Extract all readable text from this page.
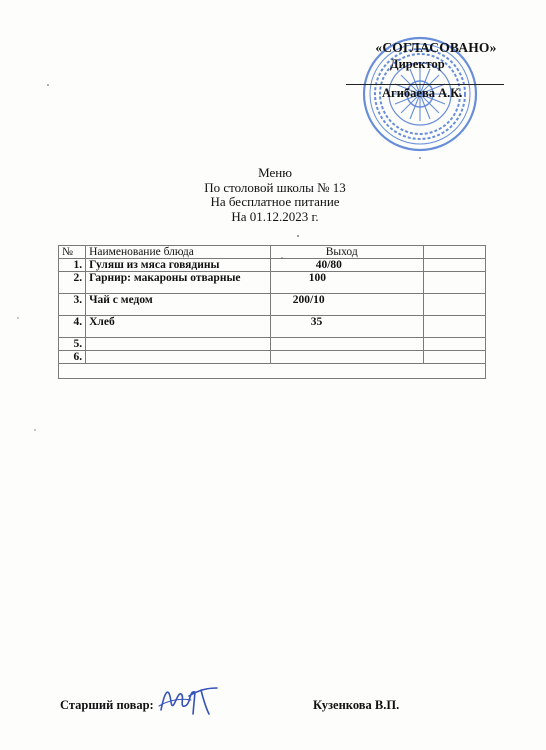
«СОГЛАСОВАНО»
Директор
Агибаева А.К.
Меню
По столовой школы № 13
На бесплатное питание
На 01.12.2023 г.
№	Наименование блюда	Выход	
1.	Гуляш из мяса говядины	40/80	
2.	Гарнир: макароны отварные	100	
3.	Чай с медом	200/10	
4.	Хлеб	35	
5.			
6.			

Старший повар:	Кузенкова В.П.
